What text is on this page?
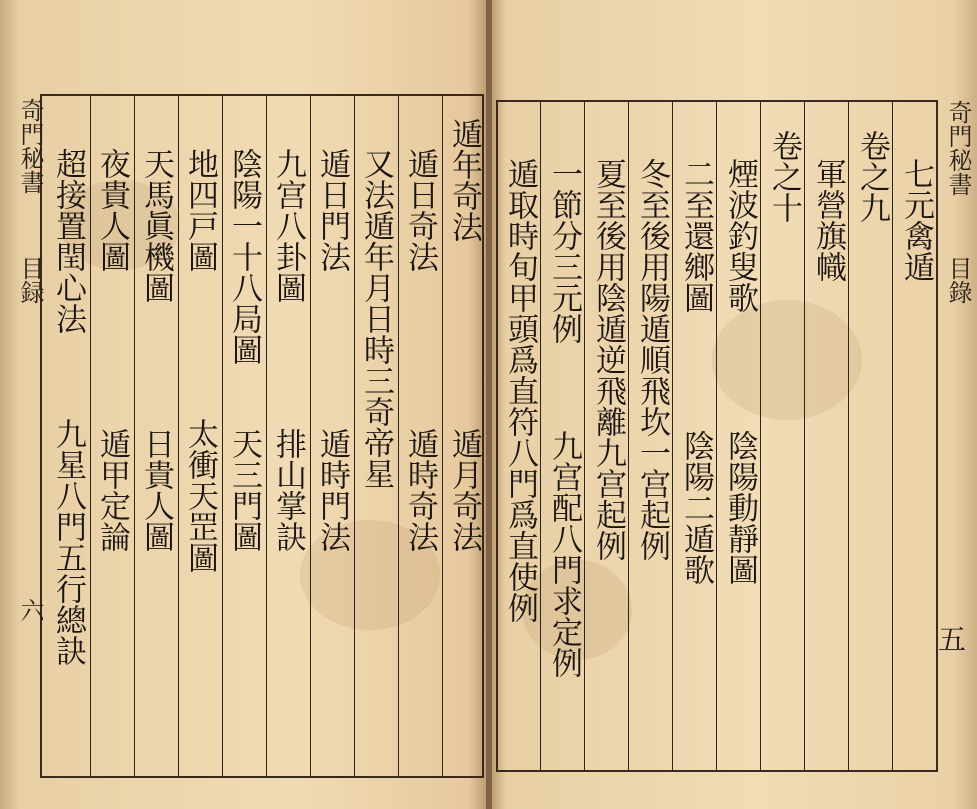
奇門秘書
目録
六
遁年奇法
遁月奇法
遁日奇法
遁時奇法
又法遁年月日時三奇帝星
遁日門法
遁時門法
九宫八卦圖
排山掌訣
陰陽一十八局圖
天三門圖
地四戸圖
太衝天罡圖
天馬眞機圖
日貴人圖
夜貴人圖
遁甲定論
超接置閏心法
九星八門五行總訣
奇門秘書
目錄
五
七元禽遁
卷之九
軍營旗幟
卷之十
煙波釣叟歌
陰陽動靜圖
二至還鄉圖
陰陽二遁歌
冬至後用陽遁順飛坎一宫起例
夏至後用陰遁逆飛離九宫起例
一節分三元例
九宫配八門求定例
遁取時旬甲頭爲直符八門爲直使例
